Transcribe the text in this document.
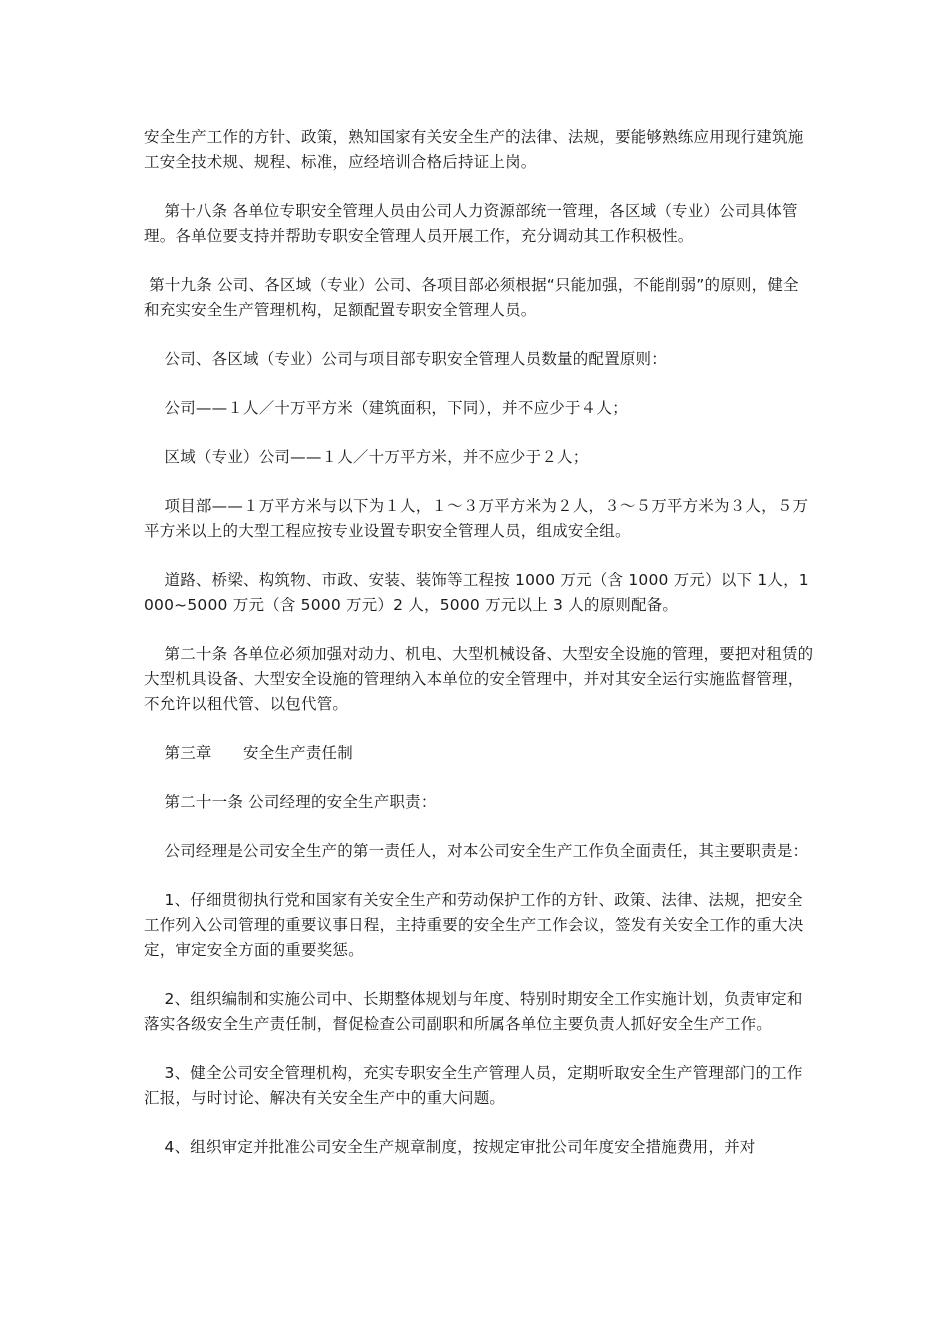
安全生产工作的方针、政策，熟知国家有关安全生产的法律、法规，要能够熟练应用现行建筑施工安全技术规、规程、标准，应经培训合格后持证上岗。

第十八条 各单位专职安全管理人员由公司人力资源部统一管理，各区域（专业）公司具体管理。各单位要支持并帮助专职安全管理人员开展工作，充分调动其工作积极性。

第十九条 公司、各区域（专业）公司、各项目部必须根据“只能加强，不能削弱”的原则，健全和充实安全生产管理机构，足额配置专职安全管理人员。

公司、各区域（专业）公司与项目部专职安全管理人员数量的配置原则：

公司——１人／十万平方米（建筑面积，下同），并不应少于４人；

区域（专业）公司——１人／十万平方米，并不应少于２人；

项目部——１万平方米与以下为１人，１～３万平方米为２人，３～５万平方米为３人，５万平方米以上的大型工程应按专业设置专职安全管理人员，组成安全组。

道路、桥梁、构筑物、市政、安装、装饰等工程按 1000 万元（含 1000 万元）以下 1人，1000~5000 万元（含 5000 万元）2 人，5000 万元以上 3 人的原则配备。

第二十条 各单位必须加强对动力、机电、大型机械设备、大型安全设施的管理，要把对租赁的大型机具设备、大型安全设施的管理纳入本单位的安全管理中，并对其安全运行实施监督管理，不允许以租代管、以包代管。

第三章　　安全生产责任制

第二十一条 公司经理的安全生产职责：

公司经理是公司安全生产的第一责任人，对本公司安全生产工作负全面责任，其主要职责是：

1、仔细贯彻执行党和国家有关安全生产和劳动保护工作的方针、政策、法律、法规，把安全工作列入公司管理的重要议事日程，主持重要的安全生产工作会议，签发有关安全工作的重大决定，审定安全方面的重要奖惩。

2、组织编制和实施公司中、长期整体规划与年度、特别时期安全工作实施计划，负责审定和落实各级安全生产责任制，督促检查公司副职和所属各单位主要负责人抓好安全生产工作。

3、健全公司安全管理机构，充实专职安全生产管理人员，定期听取安全生产管理部门的工作汇报，与时讨论、解决有关安全生产中的重大问题。

4、组织审定并批准公司安全生产规章制度，按规定审批公司年度安全措施费用，并对
